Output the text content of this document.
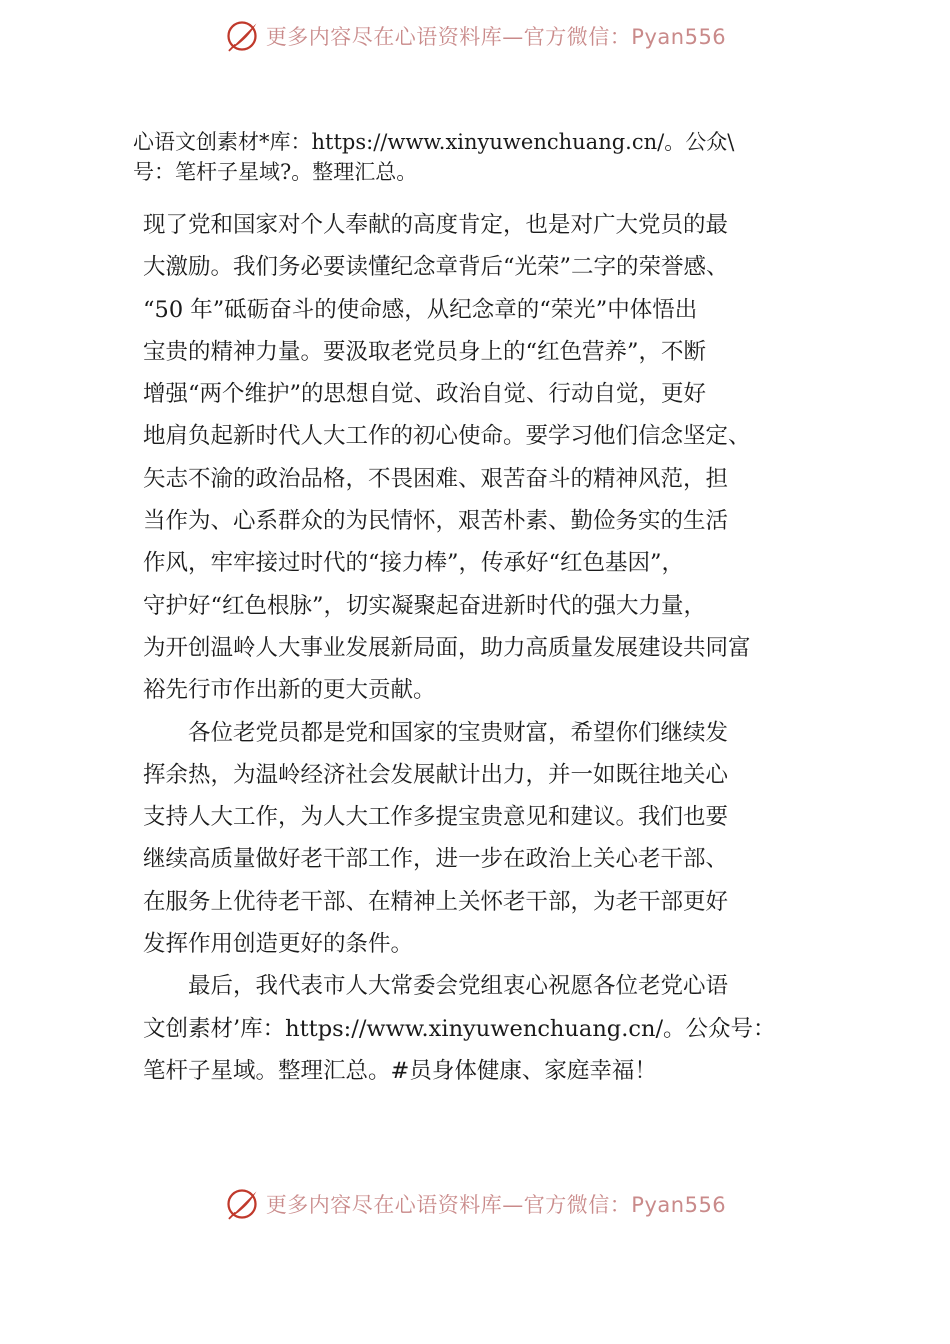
更多内容尽在心语资料库—官方微信：Pyan556
心语文创素材*库：https://www.xinyuwenchuang.cn/。公众\
号：笔杆子星域?。整理汇总。

现了党和国家对个人奉献的高度肯定，也是对广大党员的最
大激励。我们务必要读懂纪念章背后“光荣”二字的荣誉感、
“50 年”砥砺奋斗的使命感，从纪念章的“荣光”中体悟出
宝贵的精神力量。要汲取老党员身上的“红色营养”，不断
增强“两个维护”的思想自觉、政治自觉、行动自觉，更好
地肩负起新时代人大工作的初心使命。要学习他们信念坚定、
矢志不渝的政治品格，不畏困难、艰苦奋斗的精神风范，担
当作为、心系群众的为民情怀，艰苦朴素、勤俭务实的生活
作风，牢牢接过时代的“接力棒”，传承好“红色基因”，
守护好“红色根脉”，切实凝聚起奋进新时代的强大力量，
为开创温岭人大事业发展新局面，助力高质量发展建设共同富
裕先行市作出新的更大贡献。

各位老党员都是党和国家的宝贵财富，希望你们继续发
挥余热，为温岭经济社会发展献计出力，并一如既往地关心
支持人大工作，为人大工作多提宝贵意见和建议。我们也要
继续高质量做好老干部工作，进一步在政治上关心老干部、
在服务上优待老干部、在精神上关怀老干部，为老干部更好
发挥作用创造更好的条件。

最后，我代表市人大常委会党组衷心祝愿各位老党心语
文创素材’库：https://www.xinyuwenchuang.cn/。公众号：
笔杆子星域。整理汇总。#员身体健康、家庭幸福！

更多内容尽在心语资料库—官方微信：Pyan556
